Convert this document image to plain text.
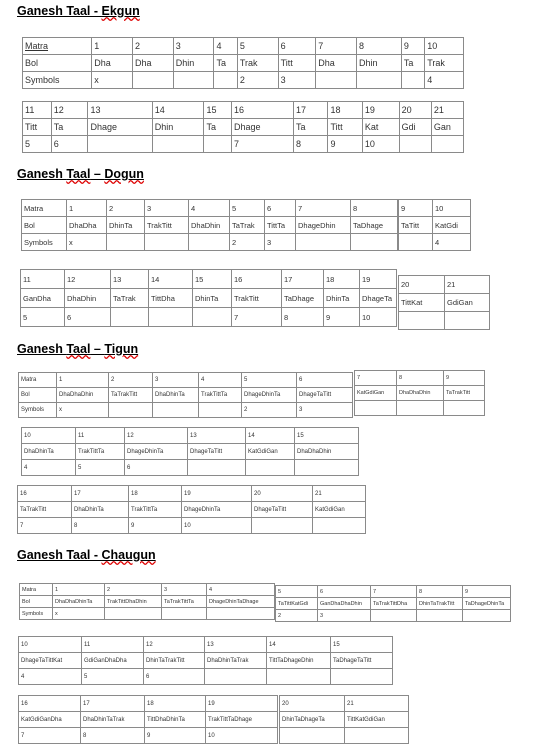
Ganesh Taal - Ekgun
Ganesh Taal – Dogun
Ganesh Taal – Tigun
Ganesh Taal - Chaugun
Matra	1	2	3	4	5	6	7	8	9	10
Bol	Dha	Dha	Dhin	Ta	Trak	Titt	Dha	Dhin	Ta	Trak
Symbols	x				2	3				4
11	12	13	14	15	16	17	18	19	20	21
Titt	Ta	Dhage	Dhin	Ta	Dhage	Ta	Titt	Kat	Gdi	Gan
5	6				7	8	9	10		
Matra	1	2	3	4	5	6	7	8
Bol	DhaDha	DhinTa	TrakTitt	DhaDhin	TaTrak	TittTa	DhageDhin	TaDhage
Symbols	x				2	3		
9	10
TaTitt	KatGdi
	4
11	12	13	14	15	16	17	18	19
GanDha	DhaDhin	TaTrak	TittDha	DhinTa	TrakTitt	TaDhage	DhinTa	DhageTa
5	6				7	8	9	10
20	21
TittKat	GdiGan

Matra	1	2	3	4	5	6
Bol	DhaDhaDhin	TaTrakTitt	DhaDhinTa	TrakTittTa	DhageDhinTa	DhageTaTitt
Symbols	x				2	3
7	8	9
KatGdiGan	DhaDhaDhin	TaTrakTitt

10	11	12	13	14	15
DhaDhinTa	TrakTittTa	DhageDhinTa	DhageTaTitt	KatGdiGan	DhaDhaDhin
4	5	6			
16	17	18	19	20	21
TaTrakTitt	DhaDhinTa	TrakTittTa	DhageDhinTa	DhageTaTitt	KatGdiGan
7	8	9	10		
Matra	1	2	3	4
Bol	DhaDhaDhinTa	TrakTittDhaDhin	TaTrakTittTa	DhageDhinTaDhage
Symbols	x			
5	6	7	8	9
TaTittKatGdi	GanDhaDhaDhin	TaTrakTittDha	DhinTaTrakTitt	TaDhageDhinTa
2	3			
10	11	12	13
DhageTaTittKat	GdiGanDhaDha	DhinTaTrakTitt	DhaDhinTaTrak
4	5	6	
14	15
TittTaDhageDhin	TaDhageTaTitt

16	17	18	19
KatGdiGanDha	DhaDhinTaTrak	TittDhaDhinTa	TrakTittTaDhage
7	8	9	10
20	21
DhinTaDhageTa	TittKatGdiGan
